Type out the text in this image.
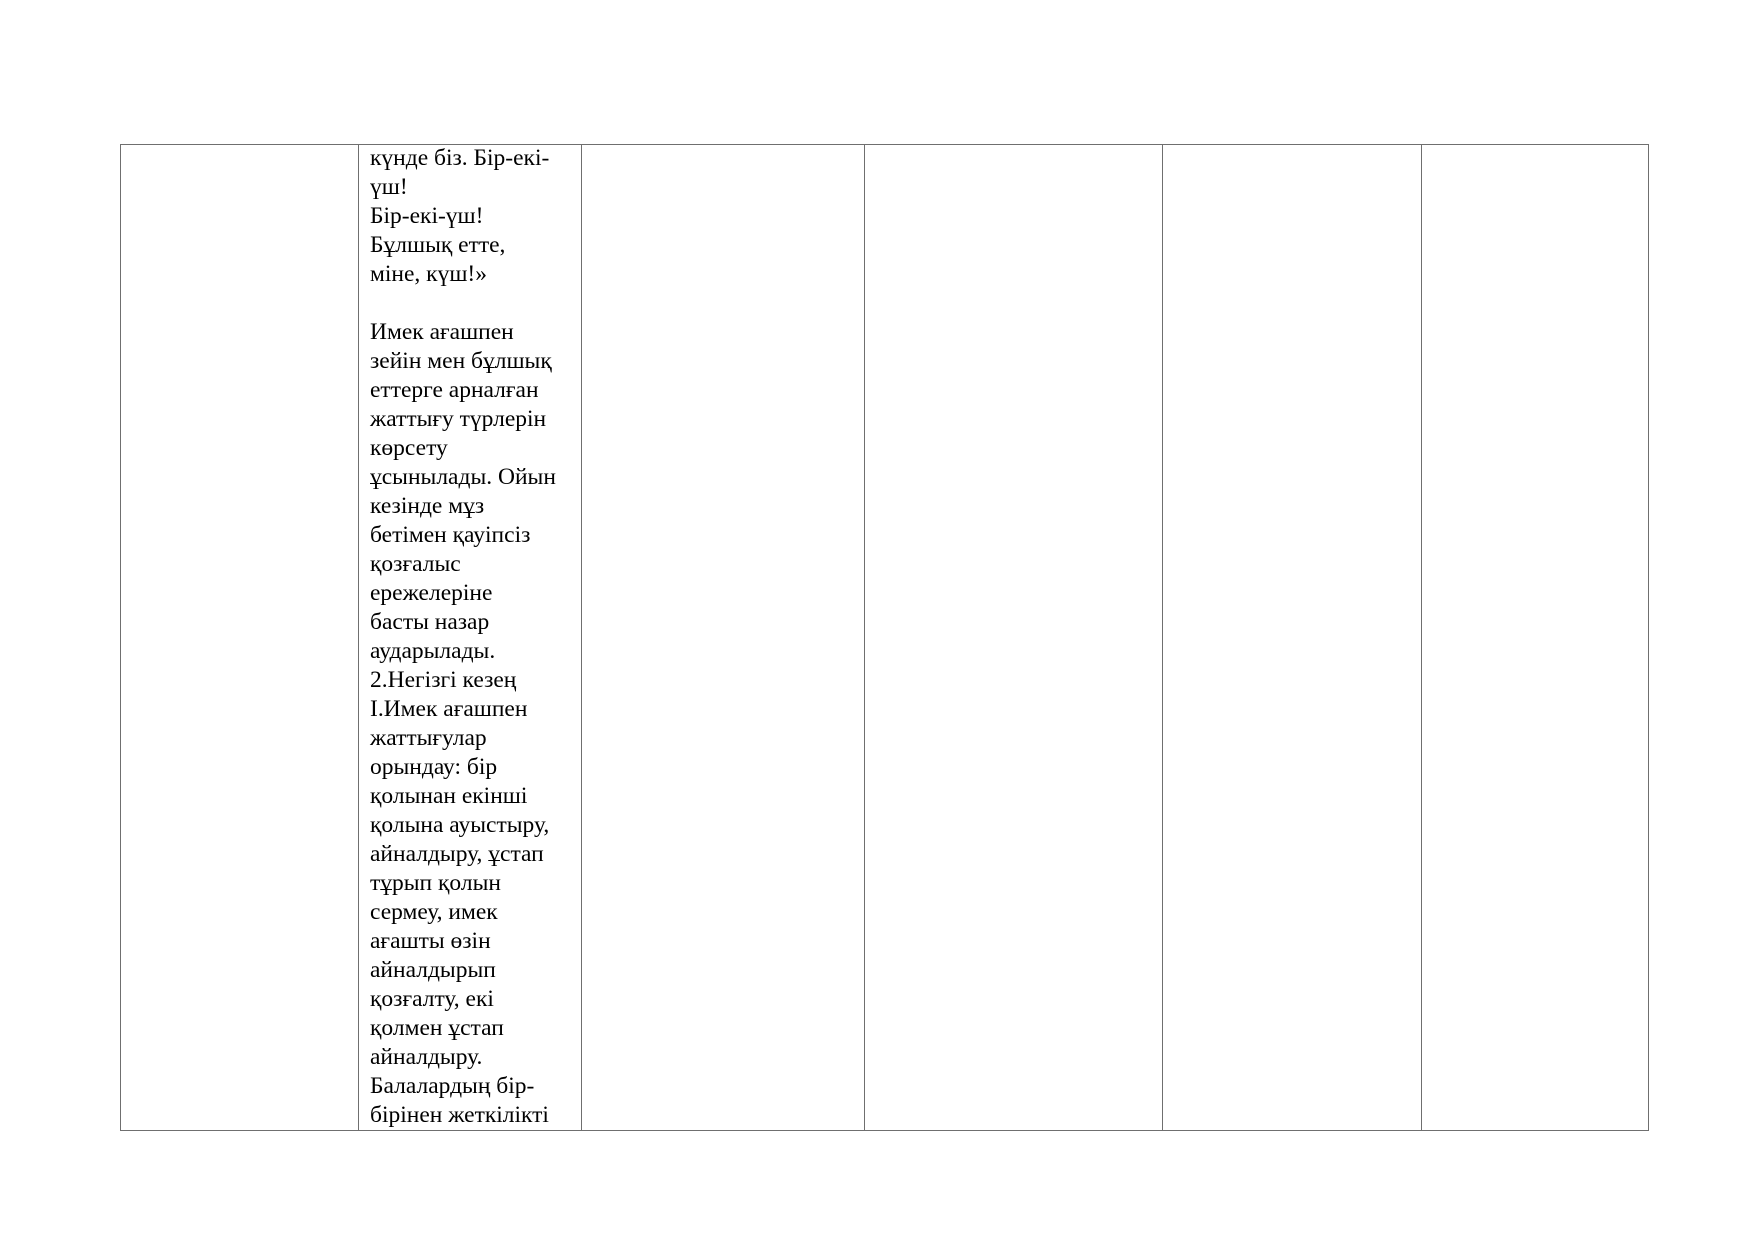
күнде біз. Бір-екі-
үш!
Бір-екі-үш!
Бұлшық етте,
міне, күш!»

Имек ағашпен
зейін мен бұлшық
еттерге арналған
жаттығу түрлерін
көрсету
ұсынылады. Ойын
кезінде мұз
бетімен қауіпсіз
қозғалыс
ережелеріне
басты назар
аударылады.
2.Негізгі кезең
I.Имек ағашпен
жаттығулар
орындау: бір
қолынан екінші
қолына ауыстыру,
айналдыру, ұстап
тұрып қолын
сермеу, имек
ағашты өзін
айналдырып
қозғалту, екі
қолмен ұстап
айналдыру.
Балалардың бір-
бірінен жеткілікті
